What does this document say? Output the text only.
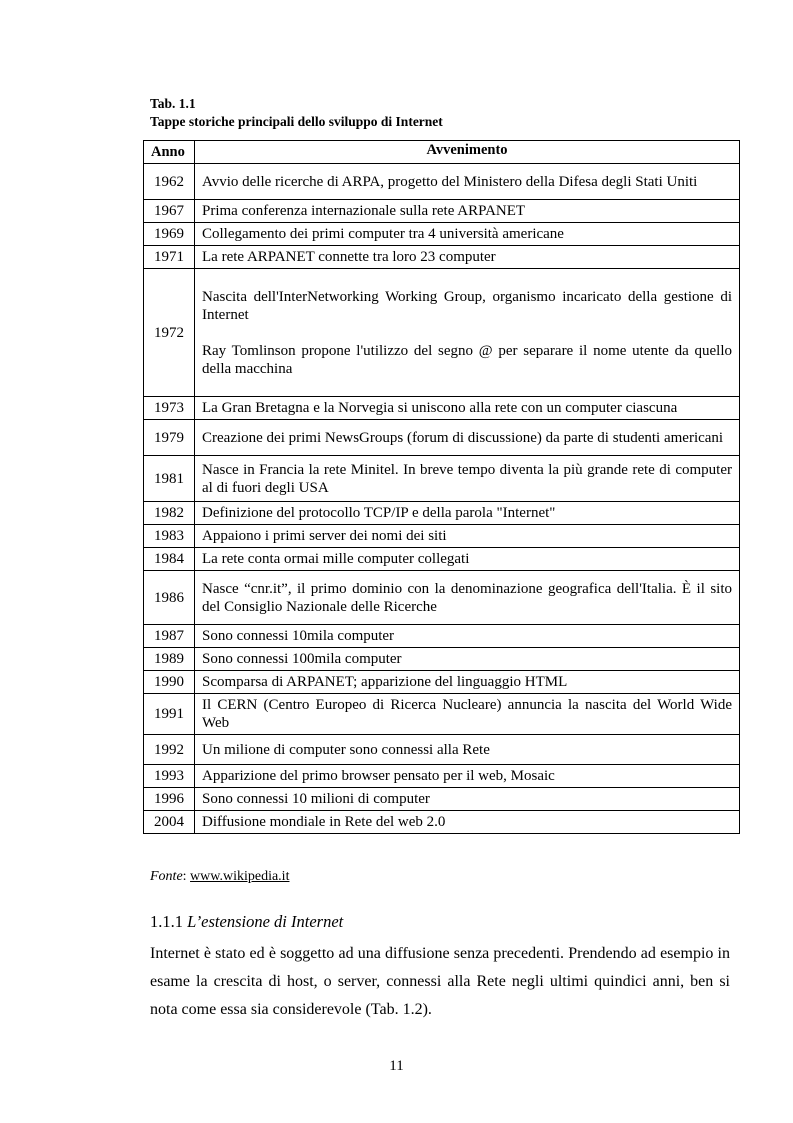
Tab. 1.1
Tappe storiche principali dello sviluppo di Internet
Anno	Avvenimento
1962	Avvio delle ricerche di ARPA, progetto del Ministero della Difesa degli Stati Uniti

1967	Prima conferenza internazionale sulla rete ARPANET

1969	Collegamento dei primi computer tra 4 università americane

1971	La rete ARPANET connette tra loro 23 computer

1972	Nascita dell'InterNetworking Working Group, organismo incaricato della gestione di Internet

Ray Tomlinson propone l'utilizzo del segno @ per separare il nome utente da quello della macchina

1973	La Gran Bretagna e la Norvegia si uniscono alla rete con un computer ciascuna

1979	Creazione dei primi NewsGroups (forum di discussione) da parte di studenti americani

1981	Nasce in Francia la rete Minitel. In breve tempo diventa la più grande rete di computer al di fuori degli USA

1982	Definizione del protocollo TCP/IP e della parola "Internet"

1983	Appaiono i primi server dei nomi dei siti

1984	La rete conta ormai mille computer collegati

1986	Nasce “cnr.it”, il primo dominio con la denominazione geografica dell'Italia. È il sito del Consiglio Nazionale delle Ricerche

1987	Sono connessi 10mila computer

1989	Sono connessi 100mila computer

1990	Scomparsa di ARPANET; apparizione del linguaggio HTML

1991	Il CERN (Centro Europeo di Ricerca Nucleare) annuncia la nascita del World Wide Web

1992	Un milione di computer sono connessi alla Rete

1993	Apparizione del primo browser pensato per il web, Mosaic

1996	Sono connessi 10 milioni di computer

2004	Diffusione mondiale in Rete del web 2.0

Fonte: www.wikipedia.it
1.1.1 L’estensione di Internet
Internet è stato ed è soggetto ad una diffusione senza precedenti. Prendendo ad esempio in esame la crescita di host, o server, connessi alla Rete negli ultimi quindici anni, ben si nota come essa sia considerevole (Tab. 1.2).
11
